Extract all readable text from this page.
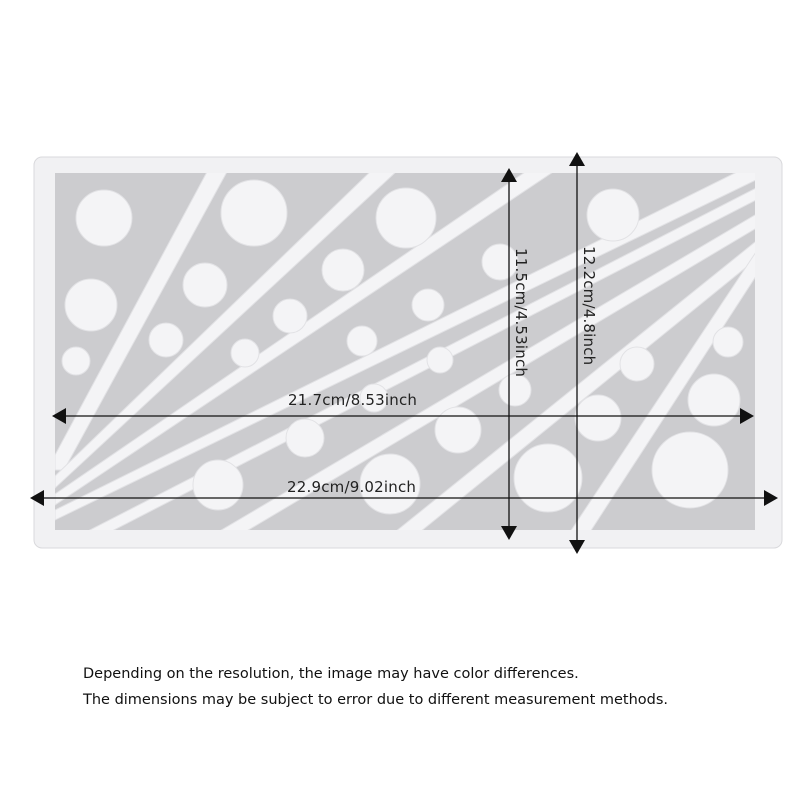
21.7cm/8.53inch
22.9cm/9.02inch
11.5cm/4.53inch	12.2cm/4.8inch
Depending on the resolution, the image may have color differences.
The dimensions may be subject to error due to different measurement methods.
